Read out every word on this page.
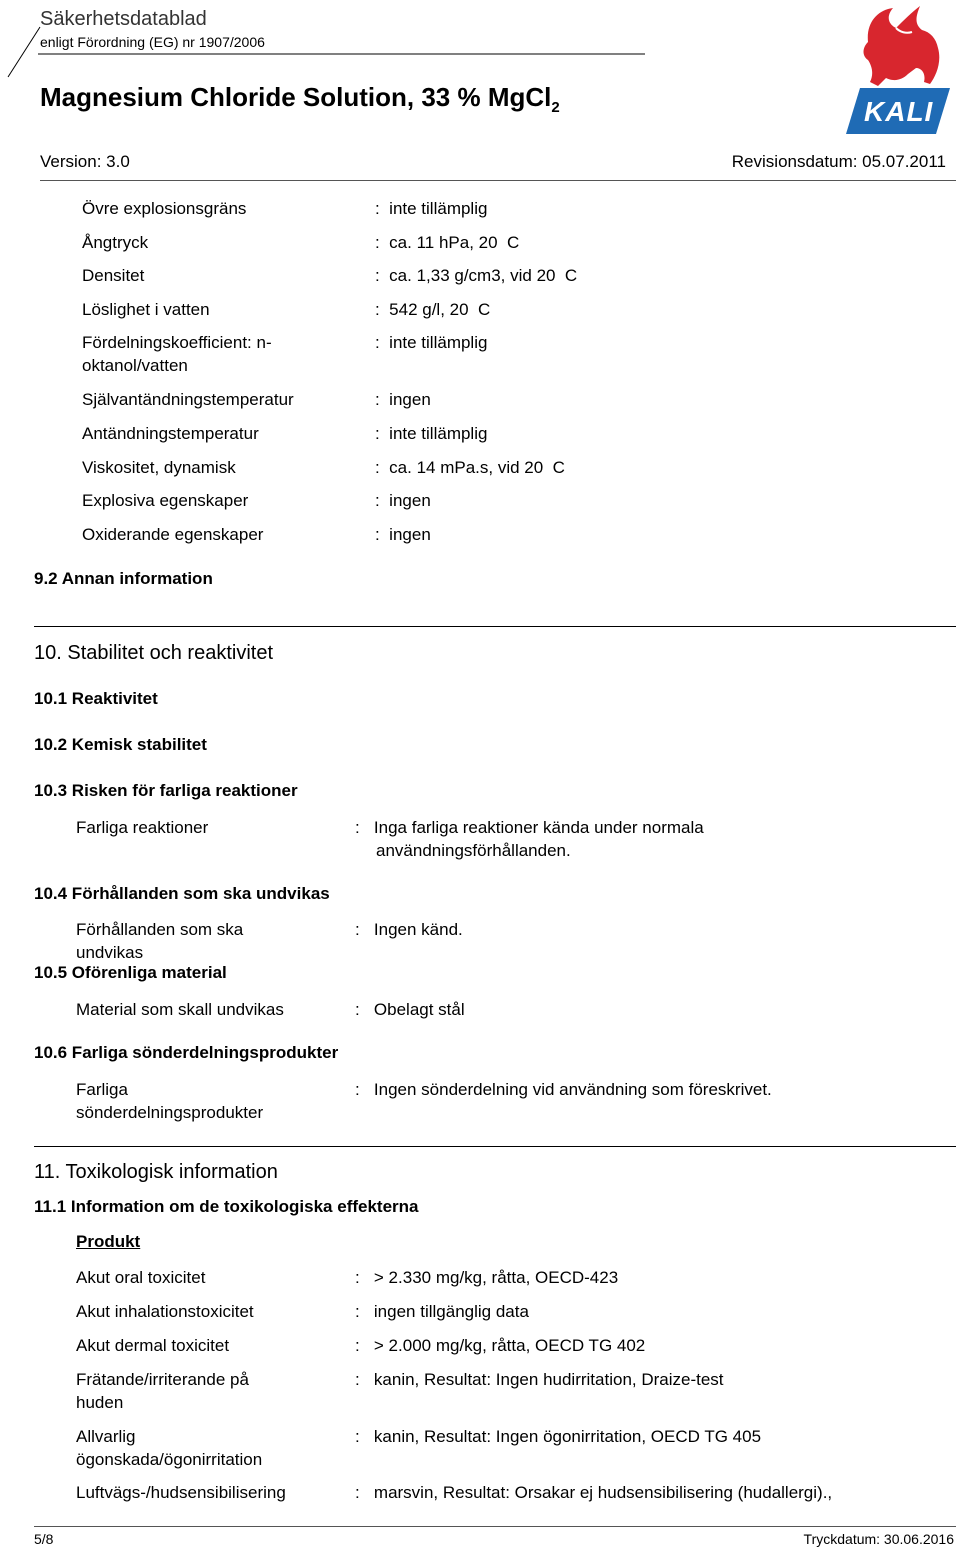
Säkerhetsdatablad
enligt Förordning (EG) nr 1907/2006
Magnesium Chloride Solution, 33 % MgCl$_2$	KALI
Version: 3.0	Revisionsdatum: 05.07.2011
Övre explosionsgräns	:  inte tillämplig
Ångtryck	:  ca. 11 hPa, 20  C
Densitet	:  ca. 1,33 g/cm3, vid 20  C
Löslighet i vatten	:  542 g/l, 20  C
Fördelningskoefficient: n-
oktanol/vatten
:  inte tillämplig
Självantändningstemperatur	:  ingen
Antändningstemperatur	:  inte tillämplig
Viskositet, dynamisk	:  ca. 14 mPa.s, vid 20  C
Explosiva egenskaper	:  ingen
Oxiderande egenskaper	:  ingen
9.2 Annan information
10. Stabilitet och reaktivitet
10.1 Reaktivitet
10.2 Kemisk stabilitet
10.3 Risken för farliga reaktioner
Farliga reaktioner	:   Inga farliga reaktioner kända under normala
användningsförhållanden.
10.4 Förhållanden som ska undvikas
Förhållanden som ska
undvikas
:   Ingen känd.
10.5 Oförenliga material
Material som skall undvikas	:   Obelagt stål
10.6 Farliga sönderdelningsprodukter
Farliga
sönderdelningsprodukter
:   Ingen sönderdelning vid användning som föreskrivet.
11. Toxikologisk information
11.1 Information om de toxikologiska effekterna
Produkt
Akut oral toxicitet	:   > 2.330 mg/kg, råtta, OECD-423
Akut inhalationstoxicitet	:   ingen tillgänglig data
Akut dermal toxicitet	:   > 2.000 mg/kg, råtta, OECD TG 402
Frätande/irriterande på
huden
:   kanin, Resultat: Ingen hudirritation, Draize-test
Allvarlig
ögonskada/ögonirritation
:   kanin, Resultat: Ingen ögonirritation, OECD TG 405
Luftvägs-/hudsensibilisering	:   marsvin, Resultat: Orsakar ej hudsensibilisering (hudallergi).,
5/8	Tryckdatum: 30.06.2016
